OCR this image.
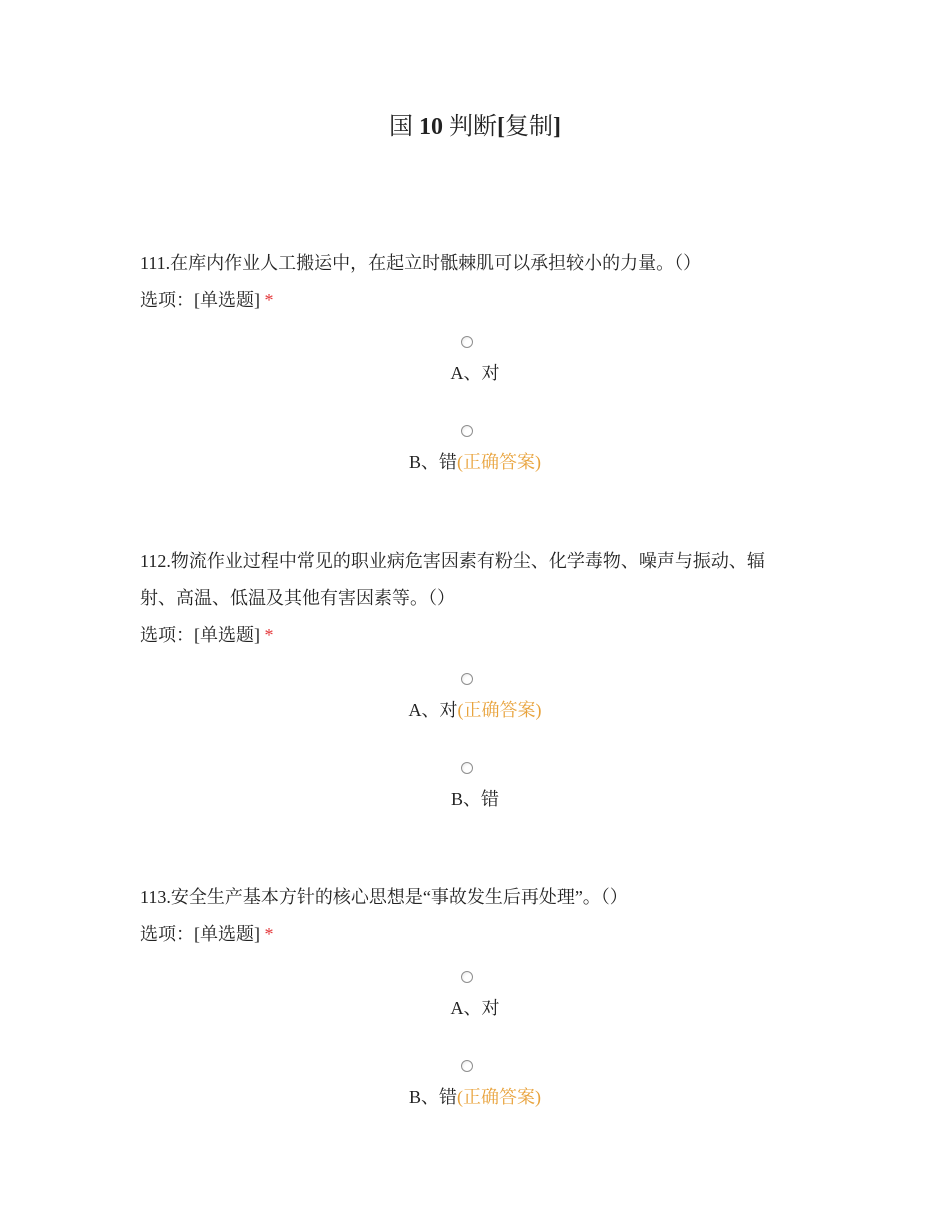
国 10 判断[复制]
111.在库内作业人工搬运中，在起立时骶棘肌可以承担较小的力量。（）
选项：[单选题] *
A、对
B、错(正确答案)
112.物流作业过程中常见的职业病危害因素有粉尘、化学毒物、噪声与振动、辐射、高温、低温及其他有害因素等。（）
选项：[单选题] *
A、对(正确答案)
B、错
113.安全生产基本方针的核心思想是“事故发生后再处理”。（）
选项：[单选题] *
A、对
B、错(正确答案)
